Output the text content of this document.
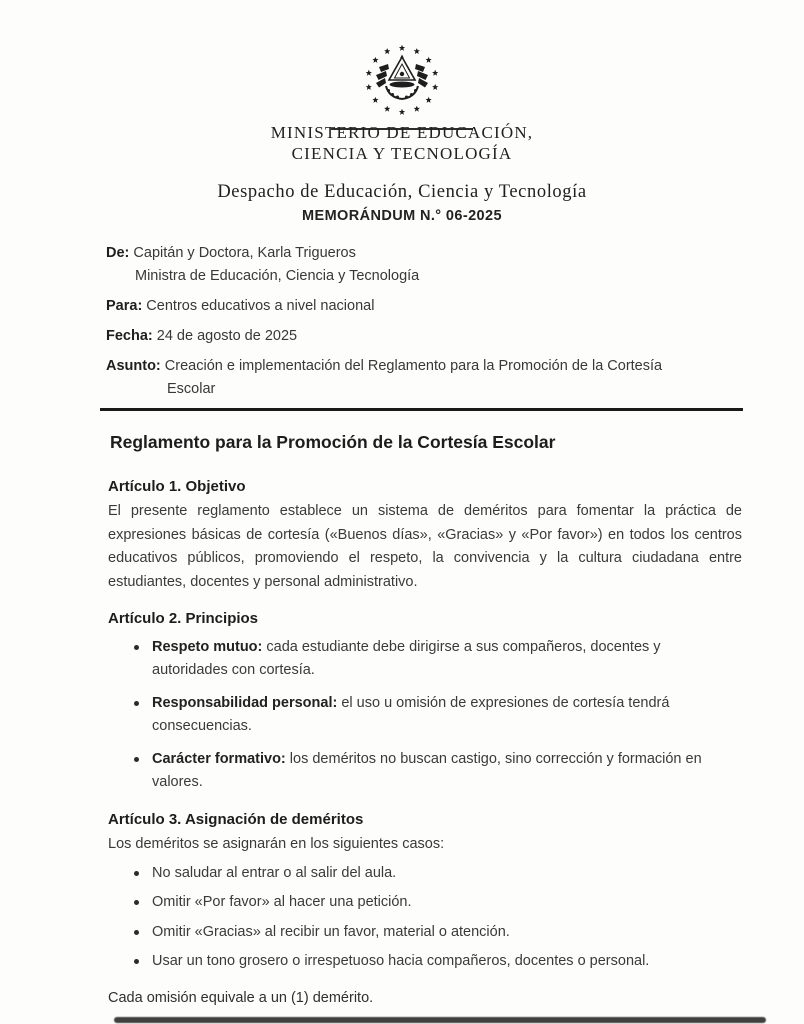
MINISTERIO DE EDUCACIÓN,
CIENCIA Y TECNOLOGÍA
Despacho de Educación, Ciencia y Tecnología
MEMORÁNDUM N.° 06-2025
De: Capitán y Doctora, Karla Trigueros
Ministra de Educación, Ciencia y Tecnología
Para: Centros educativos a nivel nacional
Fecha: 24 de agosto de 2025
Asunto: Creación e implementación del Reglamento para la Promoción de la Cortesía
Escolar
Reglamento para la Promoción de la Cortesía Escolar
Artículo 1. Objetivo

El presente reglamento establece un sistema de deméritos para fomentar la práctica de expresiones básicas de cortesía («Buenos días», «Gracias» y «Por favor») en todos los centros educativos públicos, promoviendo el respeto, la convivencia y la cultura ciudadana entre estudiantes, docentes y personal administrativo.

Artículo 2. Principios
Respeto mutuo: cada estudiante debe dirigirse a sus compañeros, docentes y
autoridades con cortesía.
Responsabilidad personal: el uso u omisión de expresiones de cortesía tendrá
consecuencias.
Carácter formativo: los deméritos no buscan castigo, sino corrección y formación en
valores.
Artículo 3. Asignación de deméritos

Los deméritos se asignarán en los siguientes casos:

No saludar al entrar o al salir del aula.
Omitir «Por favor» al hacer una petición.
Omitir «Gracias» al recibir un favor, material o atención.
Usar un tono grosero o irrespetuoso hacia compañeros, docentes o personal.
Cada omisión equivale a un (1) demérito.
